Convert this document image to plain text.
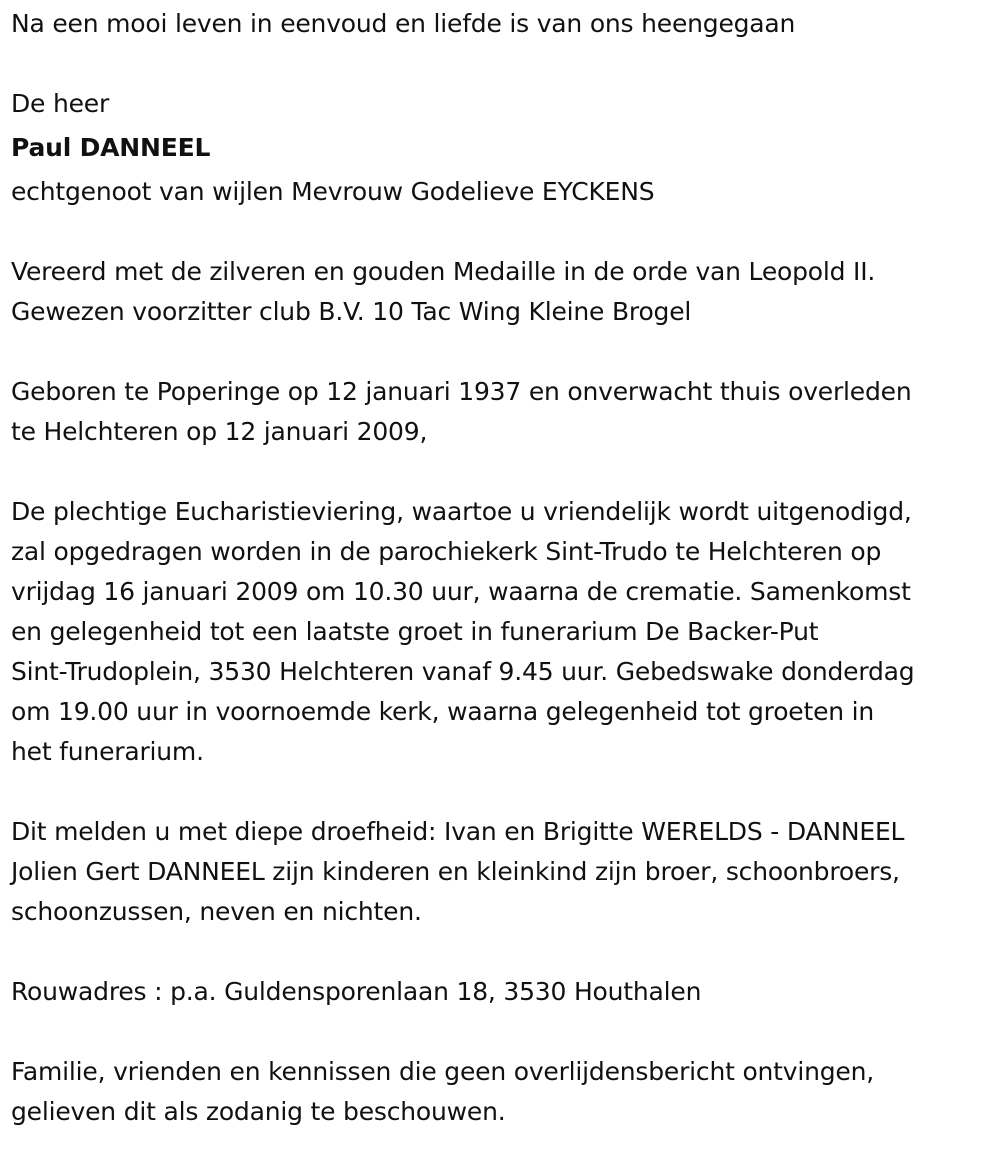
Na een mooi leven in eenvoud en liefde is van ons heengegaan
De heer
Paul DANNEEL
echtgenoot van wijlen Mevrouw Godelieve EYCKENS
Vereerd met de zilveren en gouden Medaille in de orde van Leopold II.
Gewezen voorzitter club B.V. 10 Tac Wing Kleine Brogel
Geboren te Poperinge op 12 januari 1937 en onverwacht thuis overleden
te Helchteren op 12 januari 2009,
De plechtige Eucharistieviering, waartoe u vriendelijk wordt uitgenodigd,
zal opgedragen worden in de parochiekerk Sint-Trudo te Helchteren op
vrijdag 16 januari 2009 om 10.30 uur, waarna de crematie. Samenkomst
en gelegenheid tot een laatste groet in funerarium De Backer-Put
Sint-Trudoplein, 3530 Helchteren vanaf 9.45 uur. Gebedswake donderdag
om 19.00 uur in voornoemde kerk, waarna gelegenheid tot groeten in
het funerarium.
Dit melden u met diepe droefheid: Ivan en Brigitte WERELDS - DANNEEL
Jolien Gert DANNEEL zijn kinderen en kleinkind zijn broer, schoonbroers,
schoonzussen, neven en nichten.
Rouwadres : p.a. Guldensporenlaan 18, 3530 Houthalen
Familie, vrienden en kennissen die geen overlijdensbericht ontvingen,
gelieven dit als zodanig te beschouwen.
